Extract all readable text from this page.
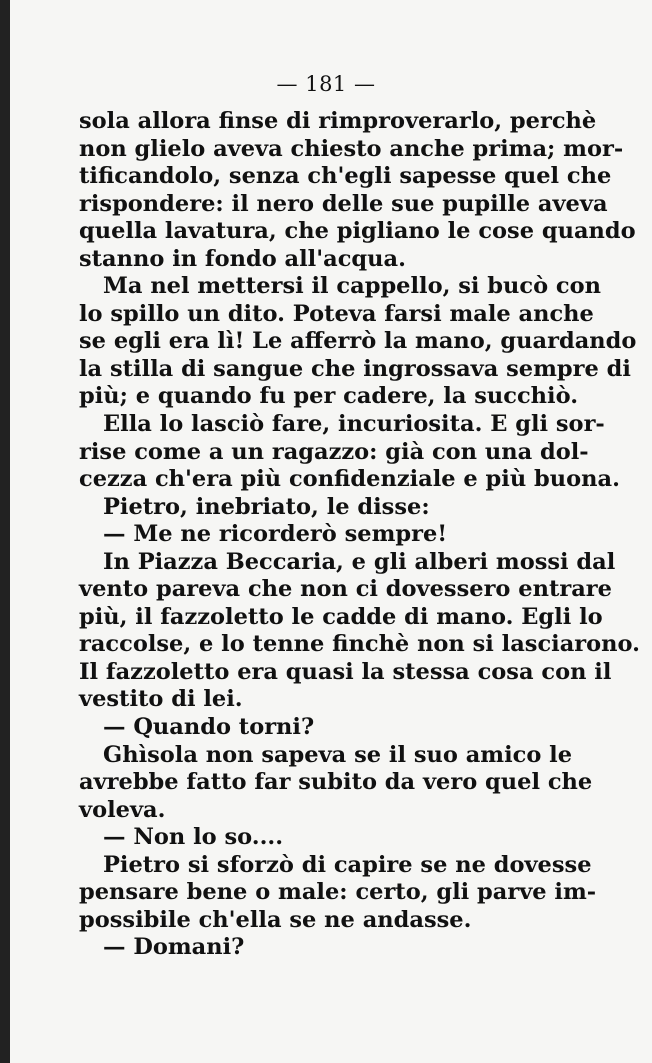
— 181 —
sola allora finse di rimproverarlo, perchè
non glielo aveva chiesto anche prima; mor-
tificandolo, senza ch'egli sapesse quel che
rispondere: il nero delle sue pupille aveva
quella lavatura, che pigliano le cose quando
stanno in fondo all'acqua.
Ma nel mettersi il cappello, si bucò con
lo spillo un dito. Poteva farsi male anche
se egli era lì! Le afferrò la mano, guardando
la stilla di sangue che ingrossava sempre di
più; e quando fu per cadere, la succhiò.
Ella lo lasciò fare, incuriosita. E gli sor-
rise come a un ragazzo: già con una dol-
cezza ch'era più confidenziale e più buona.
Pietro, inebriato, le disse:
— Me ne ricorderò sempre!
In Piazza Beccaria, e gli alberi mossi dal
vento pareva che non ci dovessero entrare
più, il fazzoletto le cadde di mano. Egli lo
raccolse, e lo tenne finchè non si lasciarono.
Il fazzoletto era quasi la stessa cosa con il
vestito di lei.
— Quando torni?
Ghìsola non sapeva se il suo amico le
avrebbe fatto far subito da vero quel che
voleva.
— Non lo so....
Pietro si sforzò di capire se ne dovesse
pensare bene o male: certo, gli parve im-
possibile ch'ella se ne andasse.
— Domani?
